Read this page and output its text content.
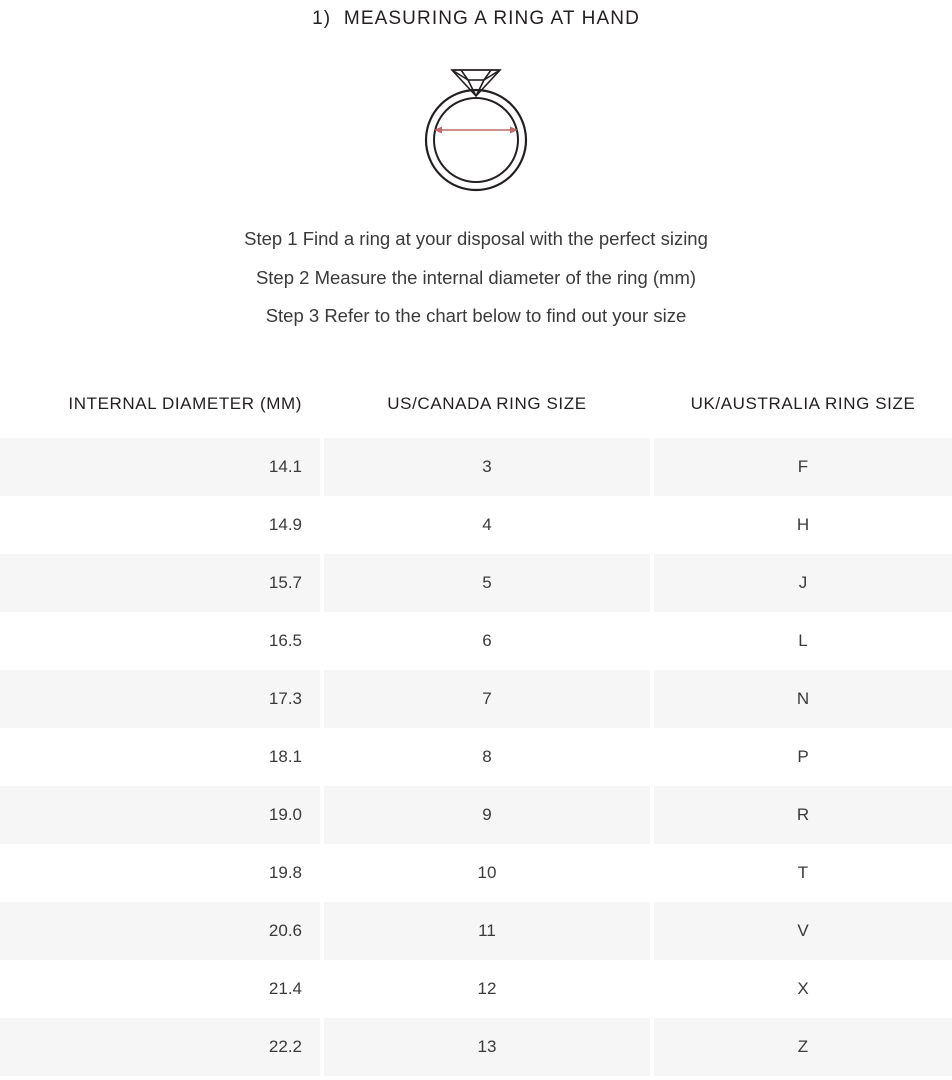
1)  MEASURING A RING AT HAND
Step 1 Find a ring at your disposal with the perfect sizing
Step 2 Measure the internal diameter of the ring (mm)
Step 3 Refer to the chart below to find out your size
INTERNAL DIAMETER (MM)	US/CANADA RING SIZE	UK/AUSTRALIA RING SIZE
14.1	3	F
14.9	4	H
15.7	5	J
16.5	6	L
17.3	7	N
18.1	8	P
19.0	9	R
19.8	10	T
20.6	11	V
21.4	12	X
22.2	13	Z
